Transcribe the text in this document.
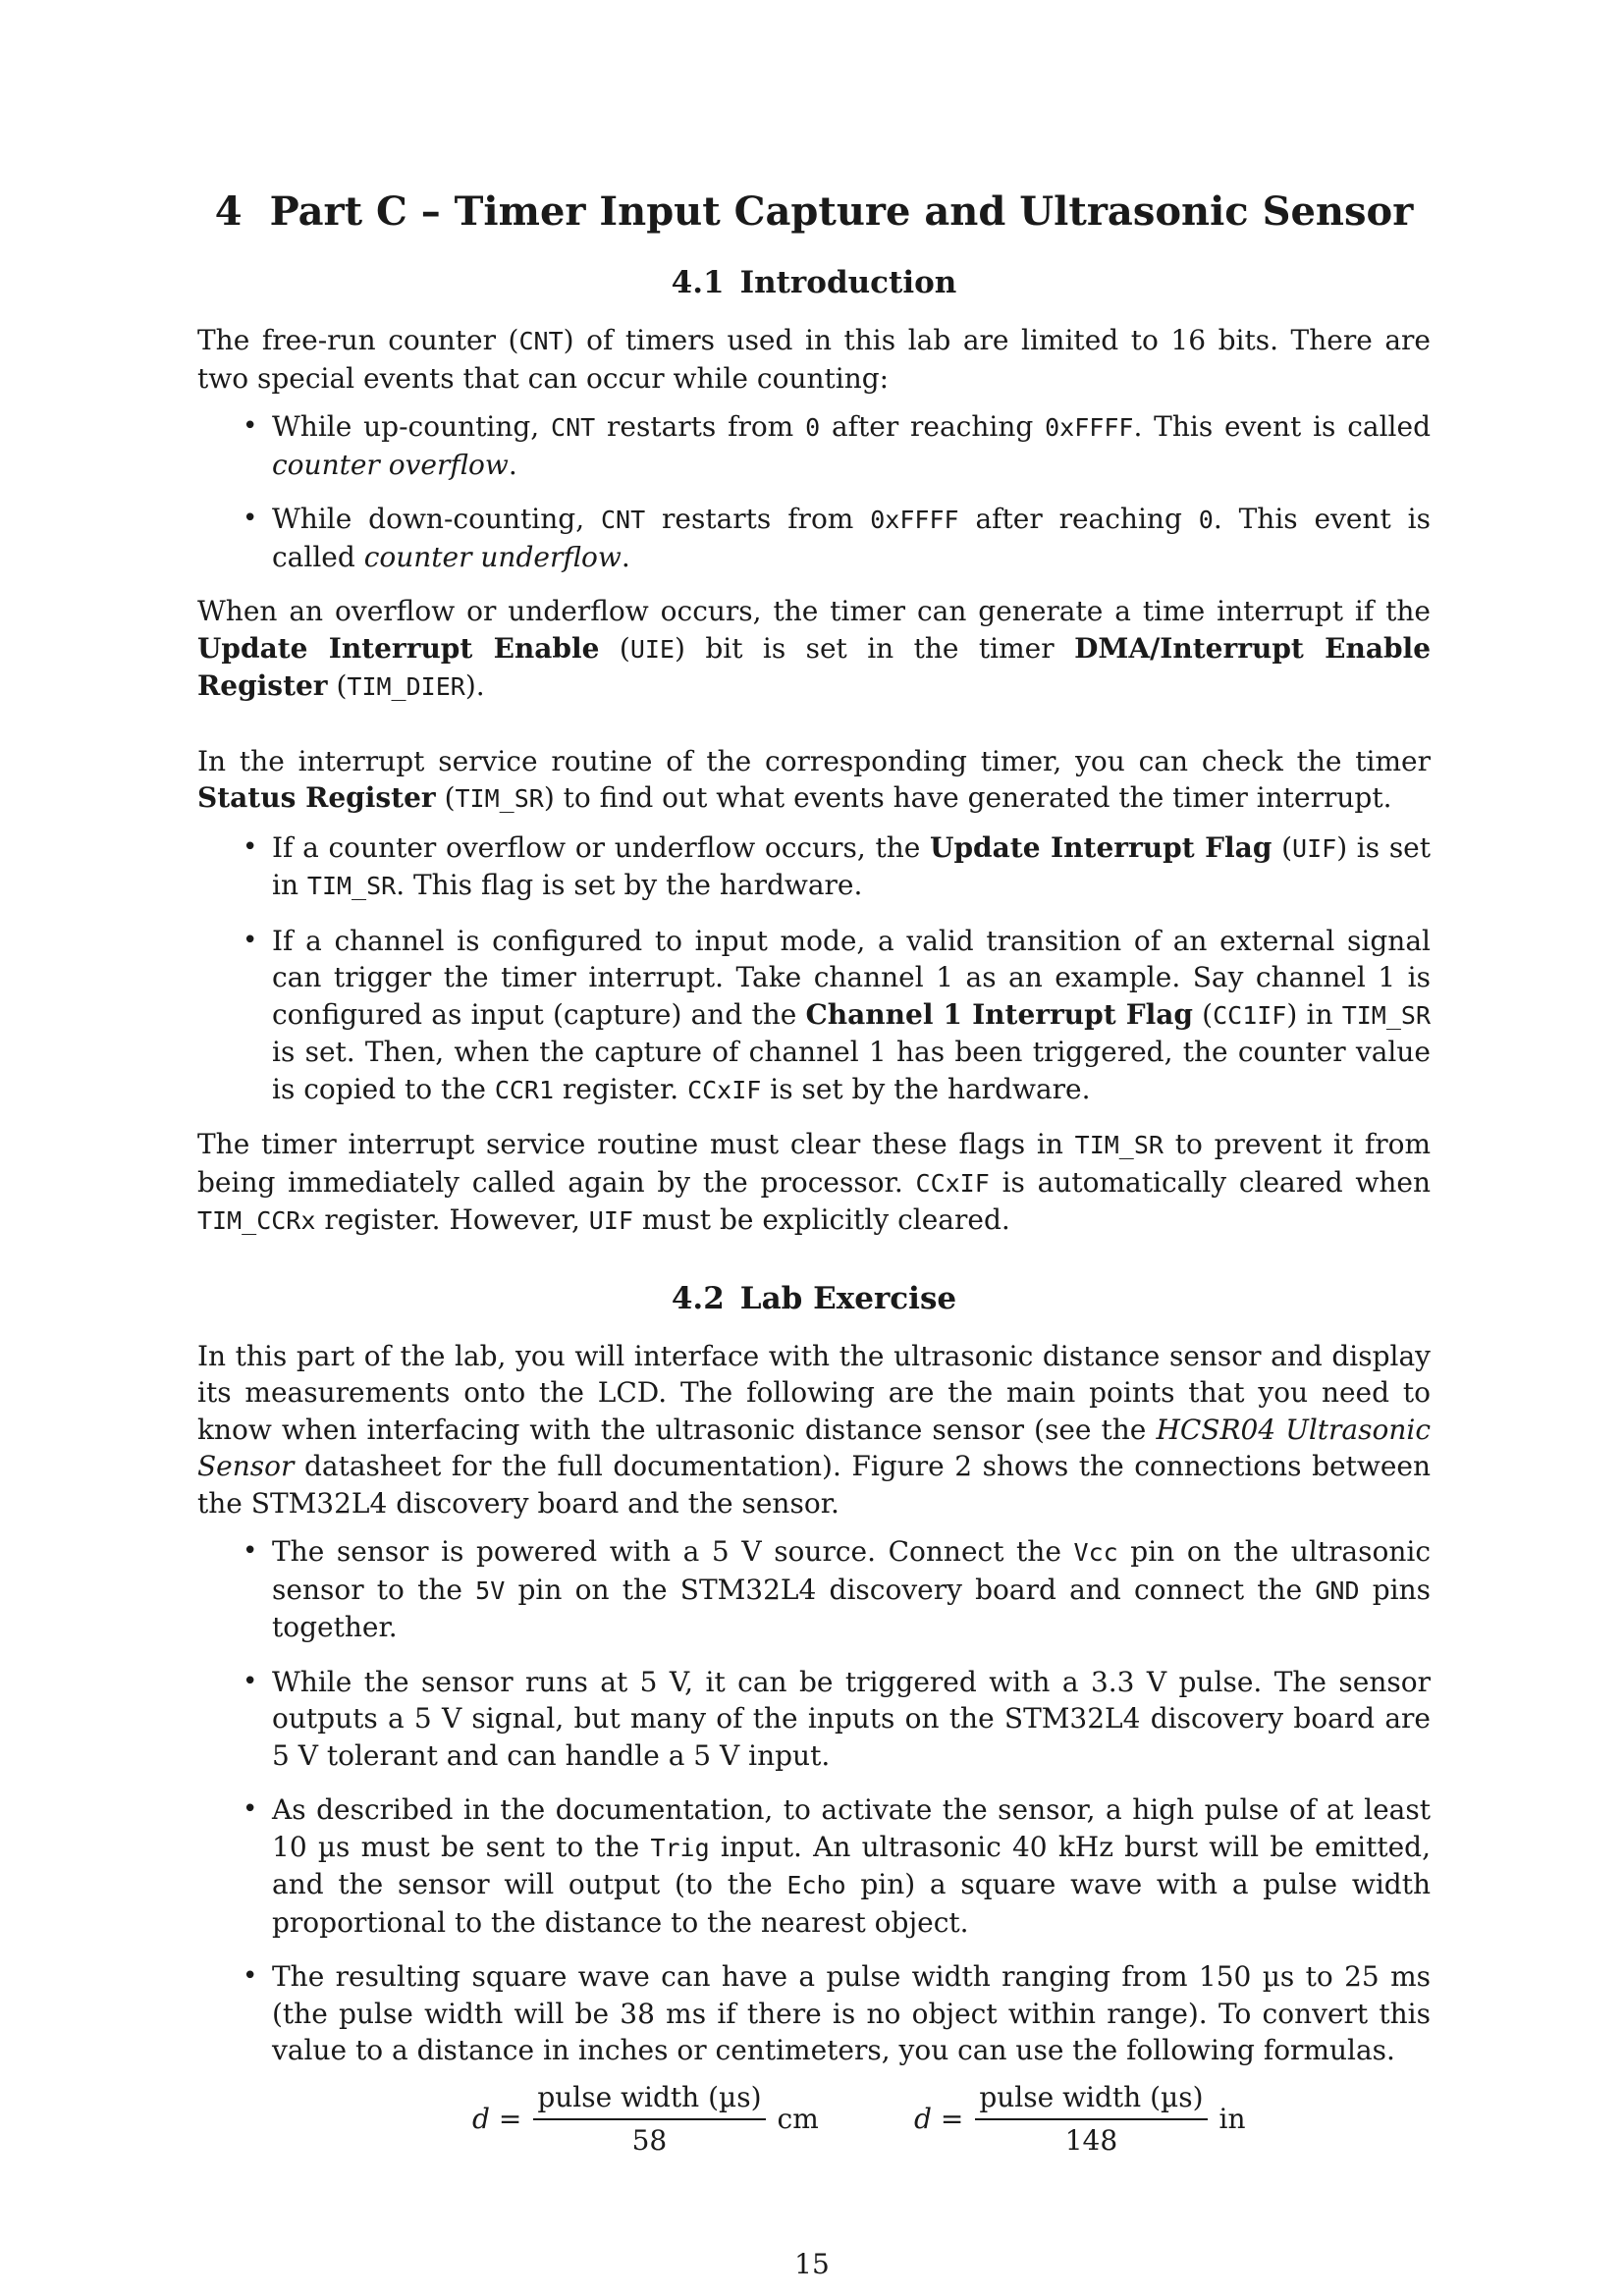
4 Part C – Timer Input Capture and Ultrasonic Sensor
4.1 Introduction

The free-run counter (CNT) of timers used in this lab are limited to 16 bits. There are two special events that can occur while counting:

• While up-counting, CNT restarts from 0 after reaching 0xFFFF. This event is called counter overflow.
• While down-counting, CNT restarts from 0xFFFF after reaching 0. This event is called counter underflow.

When an overflow or underflow occurs, the timer can generate a time interrupt if the Update Interrupt Enable (UIE) bit is set in the timer DMA/Interrupt Enable Register (TIM_DIER).

In the interrupt service routine of the corresponding timer, you can check the timer Status Register (TIM_SR) to find out what events have generated the timer interrupt.

• If a counter overflow or underflow occurs, the Update Interrupt Flag (UIF) is set in TIM_SR. This flag is set by the hardware.
• If a channel is configured to input mode, a valid transition of an external signal can trigger the timer interrupt. Take channel 1 as an example. Say channel 1 is configured as input (capture) and the Channel 1 Interrupt Flag (CC1IF) in TIM_SR is set. Then, when the capture of channel 1 has been triggered, the counter value is copied to the CCR1 register. CCxIF is set by the hardware.

The timer interrupt service routine must clear these flags in TIM_SR to prevent it from being immediately called again by the processor. CCxIF is automatically cleared when TIM_CCRx register. However, UIF must be explicitly cleared.

4.2 Lab Exercise

In this part of the lab, you will interface with the ultrasonic distance sensor and display its measurements onto the LCD. The following are the main points that you need to know when interfacing with the ultrasonic distance sensor (see the HCSR04 Ultrasonic Sensor datasheet for the full documentation). Figure 2 shows the connections between the STM32L4 discovery board and the sensor.

• The sensor is powered with a 5 V source. Connect the Vcc pin on the ultrasonic sensor to the 5V pin on the STM32L4 discovery board and connect the GND pins together.
• While the sensor runs at 5 V, it can be triggered with a 3.3 V pulse. The sensor outputs a 5 V signal, but many of the inputs on the STM32L4 discovery board are 5 V tolerant and can handle a 5 V input.
• As described in the documentation, to activate the sensor, a high pulse of at least 10 µs must be sent to the Trig input. An ultrasonic 40 kHz burst will be emitted, and the sensor will output (to the Echo pin) a square wave with a pulse width proportional to the distance to the nearest object.
• The resulting square wave can have a pulse width ranging from 150 µs to 25 ms (the pulse width will be 38 ms if there is no object within range). To convert this value to a distance in inches or centimeters, you can use the following formulas.
d
= $\frac{\text{pulse width (µs)}}{58}$ cm	d
= $\frac{\text{pulse width (µs)}}{148}$ in
15
